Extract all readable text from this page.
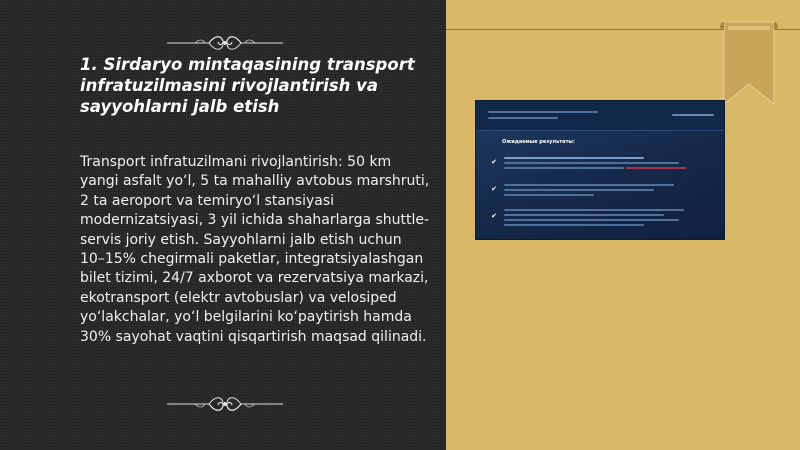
1. Sirdaryo mintaqasining transport infratuzilmasini rivojlantirish va sayyohlarni jalb etish
Transport infratuzilmani rivojlantirish: 50 km yangi asfalt yo‘l, 5 ta mahalliy avtobus marshruti, 2 ta aeroport va temiryo‘l stansiyasi modernizatsiyasi, 3 yil ichida shaharlarga shuttle-servis joriy etish. Sayyohlarni jalb etish uchun 10–15% chegirmali paketlar, integratsiyalashgan bilet tizimi, 24/7 axborot va rezervatsiya markazi, ekotransport (elektr avtobuslar) va velosiped yo‘lakchalar, yo‘l belgilarini ko‘paytirish hamda 30% sayohat vaqtini qisqartirish maqsad qilinadi.
Ожидаемые результаты:
✔
✔
✔
